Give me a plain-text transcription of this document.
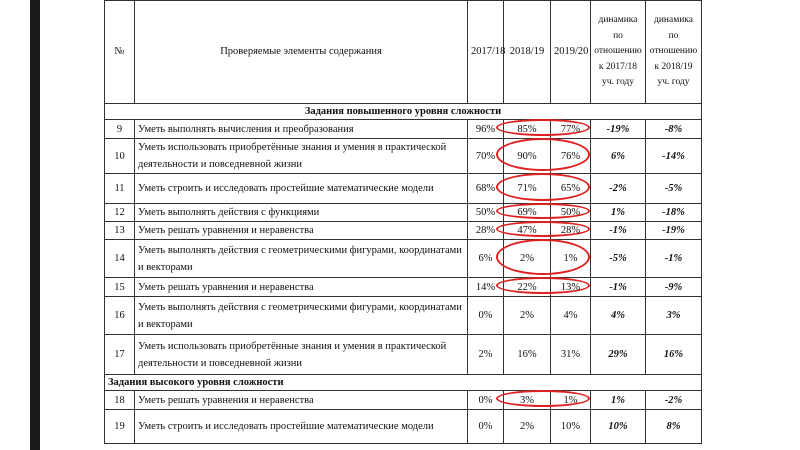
№	Проверяемые элементы содержания	2017/18	2018/19	2019/20	динамика по отношению к 2017/18 уч. году	динамика по отношению к 2018/19 уч. году
Задания повышенного уровня сложности						
9	Уметь выполнять вычисления и преобразования	96%	85%	77%	-19%	-8%
10	Уметь использовать приобретённые знания и умения в практической деятельности и повседневной жизни	70%	90%	76%	6%	-14%
11	Уметь строить и исследовать простейшие математические модели	68%	71%	65%	-2%	-5%
12	Уметь выполнять действия с функциями	50%	69%	50%	1%	-18%
13	Уметь решать уравнения и неравенства	28%	47%	28%	-1%	-19%
14	Уметь выполнять действия с геометрическими фигурами, координатами и векторами	6%	2%	1%	-5%	-1%
15	Уметь решать уравнения и неравенства	14%	22%	13%	-1%	-9%
16	Уметь выполнять действия с геометрическими фигурами, координатами и векторами	0%	2%	4%	4%	3%
17	Уметь использовать приобретённые знания и умения в практической деятельности и повседневной жизни	2%	16%	31%	29%	16%
Задания высокого уровня сложности						
18	Уметь решать уравнения и неравенства	0%	3%	1%	1%	-2%
19	Уметь строить и исследовать простейшие математические модели	0%	2%	10%	10%	8%
